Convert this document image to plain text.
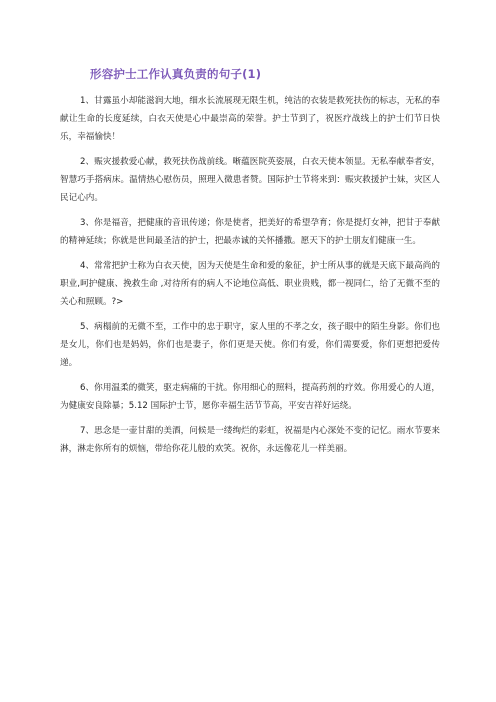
形容护士工作认真负责的句子(1)

1、甘露虽小却能滋润大地，细水长流展现无限生机，纯洁的衣装是救死扶伤的标志，无私的奉献让生命的长度延续，白衣天使是心中最崇高的荣誉。护士节到了，祝医疗战线上的护士们节日快乐，幸福愉快！

2、赈灾援救爱心献，救死扶伤战前线。晰蕴医院英姿展，白衣天使本领显。无私奉献奉者安，智慧巧手搭病床。温情热心慰伤员，照理入微患者赞。国际护士节将来到：赈灾救援护士妹，灾区人民记心内。

3、你是福音，把健康的音讯传递；你是使者，把美好的希望孕育；你是提灯女神，把甘于奉献的精神延续；你就是世间最圣洁的护士，把最赤诚的关怀播撒。愿天下的护士朋友们健康一生。

4、常常把护士称为白衣天使，因为天使是生命和爱的象征，护士所从事的就是天底下最高尚的职业,呵护健康、挽救生命 ,对待所有的病人不论地位高低、职业贵贱，都一视同仁，给了无微不至的关心和照顾。?>

5、病榻前的无微不至，工作中的忠于职守，家人里的不孝之女，孩子眼中的陌生身影。你们也是女儿，你们也是妈妈，你们也是妻子，你们更是天使。你们有爱，你们需要爱，你们更想把爱传递。

6、你用温柔的微笑，驱走病痛的干扰。你用细心的照料，提高药剂的疗效。你用爱心的人道，为健康安良除暴；5.12 国际护士节，愿你幸福生活节节高，平安吉祥好运绕。

7、思念是一壶甘甜的美酒，问候是一缕绚烂的彩虹，祝福是内心深处不变的记忆。雨水节要来淋，淋走你所有的烦恼，带给你花儿般的欢笑。祝你，永远像花儿一样美丽。
